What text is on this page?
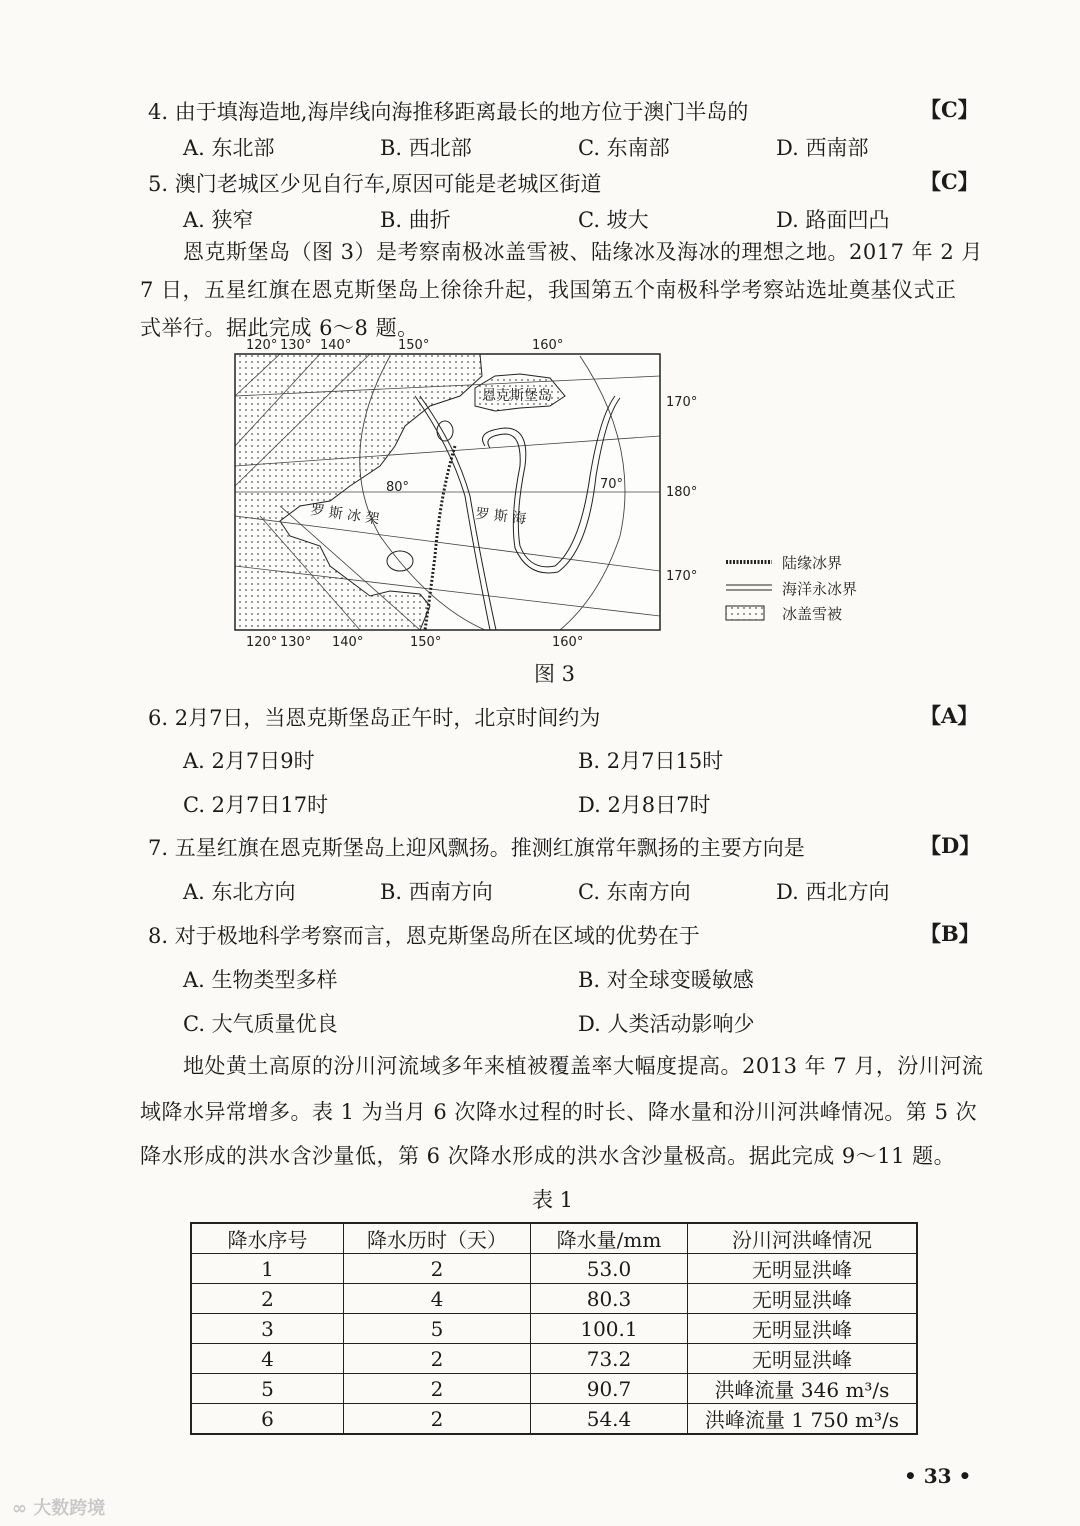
4. 由于填海造地,海岸线向海推移距离最长的地方位于澳门半岛的	【C】
A. 东北部	B. 西北部	C. 东南部	D. 西南部
5. 澳门老城区少见自行车,原因可能是老城区街道	【C】
A. 狭窄	B. 曲折	C. 坡大	D. 路面凹凸
恩克斯堡岛（图 3）是考察南极冰盖雪被、陆缘冰及海冰的理想之地。2017 年 2 月
7 日，五星红旗在恩克斯堡岛上徐徐升起，我国第五个南极科学考察站选址奠基仪式正
式举行。据此完成 6～8 题。
120° 130° 140°	150°	160°
恩克斯堡岛
罗 斯 冰 架	罗 斯 海
80°	70°
170°
180°
170°
120° 130° 140°	150°	160°
陆缘冰界
海洋永冰界
冰盖雪被
图 3
6. 2月7日，当恩克斯堡岛正午时，北京时间约为	【A】
A. 2月7日9时	B. 2月7日15时
C. 2月7日17时	D. 2月8日7时
7. 五星红旗在恩克斯堡岛上迎风飘扬。推测红旗常年飘扬的主要方向是	【D】
A. 东北方向	B. 西南方向	C. 东南方向	D. 西北方向
8. 对于极地科学考察而言，恩克斯堡岛所在区域的优势在于	【B】
A. 生物类型多样	B. 对全球变暖敏感
C. 大气质量优良	D. 人类活动影响少
地处黄土高原的汾川河流域多年来植被覆盖率大幅度提高。2013 年 7 月，汾川河流
域降水异常增多。表 1 为当月 6 次降水过程的时长、降水量和汾川河洪峰情况。第 5 次
降水形成的洪水含沙量低，第 6 次降水形成的洪水含沙量极高。据此完成 9～11 题。
表 1
降水序号	降水历时（天）	降水量/mm	汾川河洪峰情况
1	2	53.0	无明显洪峰
2	4	80.3	无明显洪峰
3	5	100.1	无明显洪峰
4	2	73.2	无明显洪峰
5	2	90.7	洪峰流量 346 m³/s
6	2	54.4	洪峰流量 1 750 m³/s
• 33 •
∞ 大数跨境
